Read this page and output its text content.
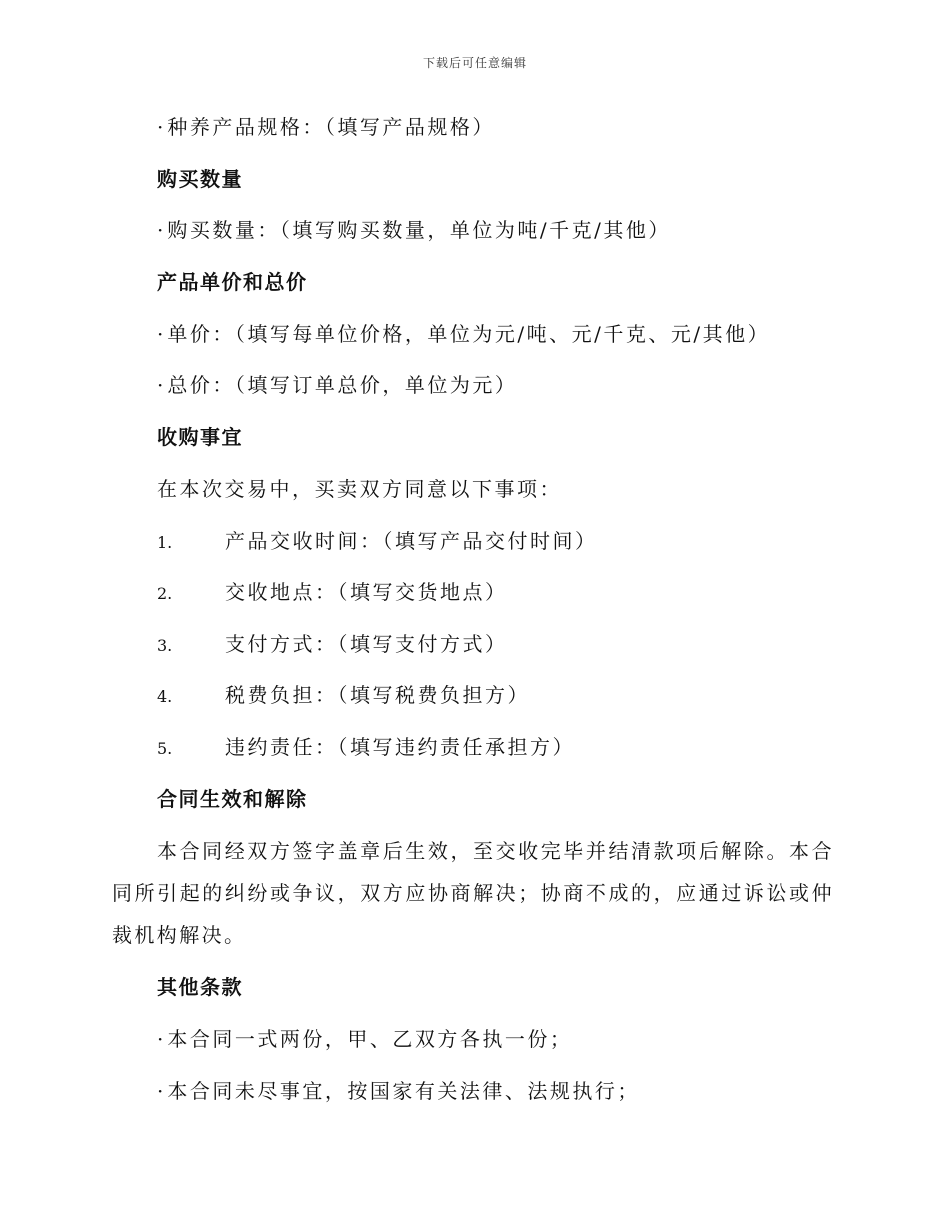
下载后可任意编辑
· 种养产品规格：（填写产品规格）
购买数量
· 购买数量：（填写购买数量，单位为吨/千克/其他）
产品单价和总价
· 单价：（填写每单位价格，单位为元/吨、元/千克、元/其他）
· 总价：（填写订单总价，单位为元）
收购事宜
在本次交易中，买卖双方同意以下事项：
1.	产品交收时间：（填写产品交付时间）
2.	交收地点：（填写交货地点）
3.	支付方式：（填写支付方式）
4.	税费负担：（填写税费负担方）
5.	违约责任：（填写违约责任承担方）
合同生效和解除
本合同经双方签字盖章后生效，至交收完毕并结清款项后解除。本合同所引起的纠纷或争议，双方应协商解决；协商不成的，应通过诉讼或仲裁机构解决。
其他条款
· 本合同一式两份，甲、乙双方各执一份；
· 本合同未尽事宜，按国家有关法律、法规执行；
